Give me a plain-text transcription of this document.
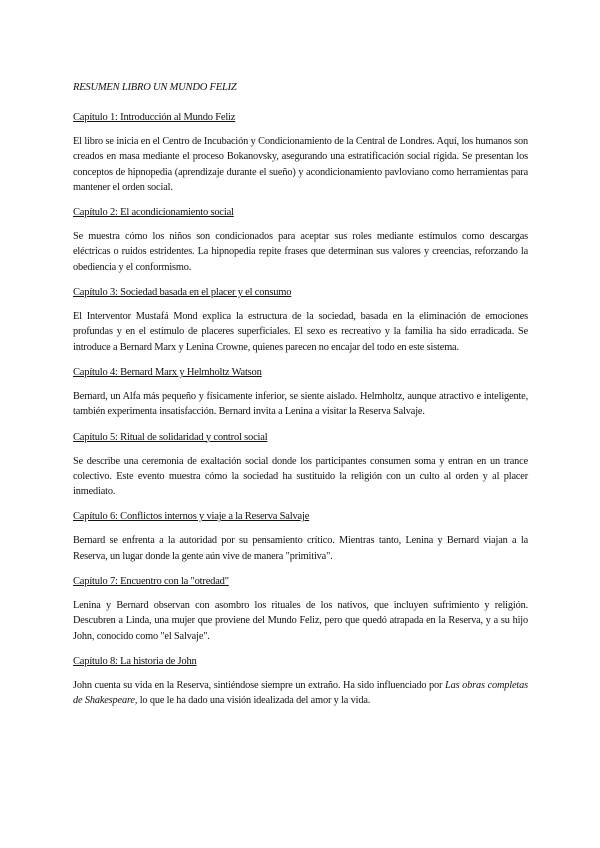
RESUMEN LIBRO UN MUNDO FELIZ

Capítulo 1: Introducción al Mundo Feliz

El libro se inicia en el Centro de Incubación y Condicionamiento de la Central de Londres. Aquí, los humanos son creados en masa mediante el proceso Bokanovsky, asegurando una estratificación social rígida. Se presentan los conceptos de hipnopedia (aprendizaje durante el sueño) y acondicionamiento pavloviano como herramientas para mantener el orden social.

Capítulo 2: El acondicionamiento social

Se muestra cómo los niños son condicionados para aceptar sus roles mediante estímulos como descargas eléctricas o ruidos estridentes. La hipnopedia repite frases que determinan sus valores y creencias, reforzando la obediencia y el conformismo.

Capítulo 3: Sociedad basada en el placer y el consumo

El Interventor Mustafá Mond explica la estructura de la sociedad, basada en la eliminación de emociones profundas y en el estímulo de placeres superficiales. El sexo es recreativo y la familia ha sido erradicada. Se introduce a Bernard Marx y Lenina Crowne, quienes parecen no encajar del todo en este sistema.

Capítulo 4: Bernard Marx y Helmholtz Watson

Bernard, un Alfa más pequeño y físicamente inferior, se siente aislado. Helmholtz, aunque atractivo e inteligente, también experimenta insatisfacción. Bernard invita a Lenina a visitar la Reserva Salvaje.

Capítulo 5: Ritual de solidaridad y control social

Se describe una ceremonia de exaltación social donde los participantes consumen soma y entran en un trance colectivo. Este evento muestra cómo la sociedad ha sustituido la religión con un culto al orden y al placer inmediato.

Capítulo 6: Conflictos internos y viaje a la Reserva Salvaje

Bernard se enfrenta a la autoridad por su pensamiento crítico. Mientras tanto, Lenina y Bernard viajan a la Reserva, un lugar donde la gente aún vive de manera "primitiva".

Capítulo 7: Encuentro con la "otredad"

Lenina y Bernard observan con asombro los rituales de los nativos, que incluyen sufrimiento y religión. Descubren a Linda, una mujer que proviene del Mundo Feliz, pero que quedó atrapada en la Reserva, y a su hijo John, conocido como "el Salvaje".

Capítulo 8: La historia de John

John cuenta su vida en la Reserva, sintiéndose siempre un extraño. Ha sido influenciado por Las obras completas de Shakespeare, lo que le ha dado una visión idealizada del amor y la vida.
